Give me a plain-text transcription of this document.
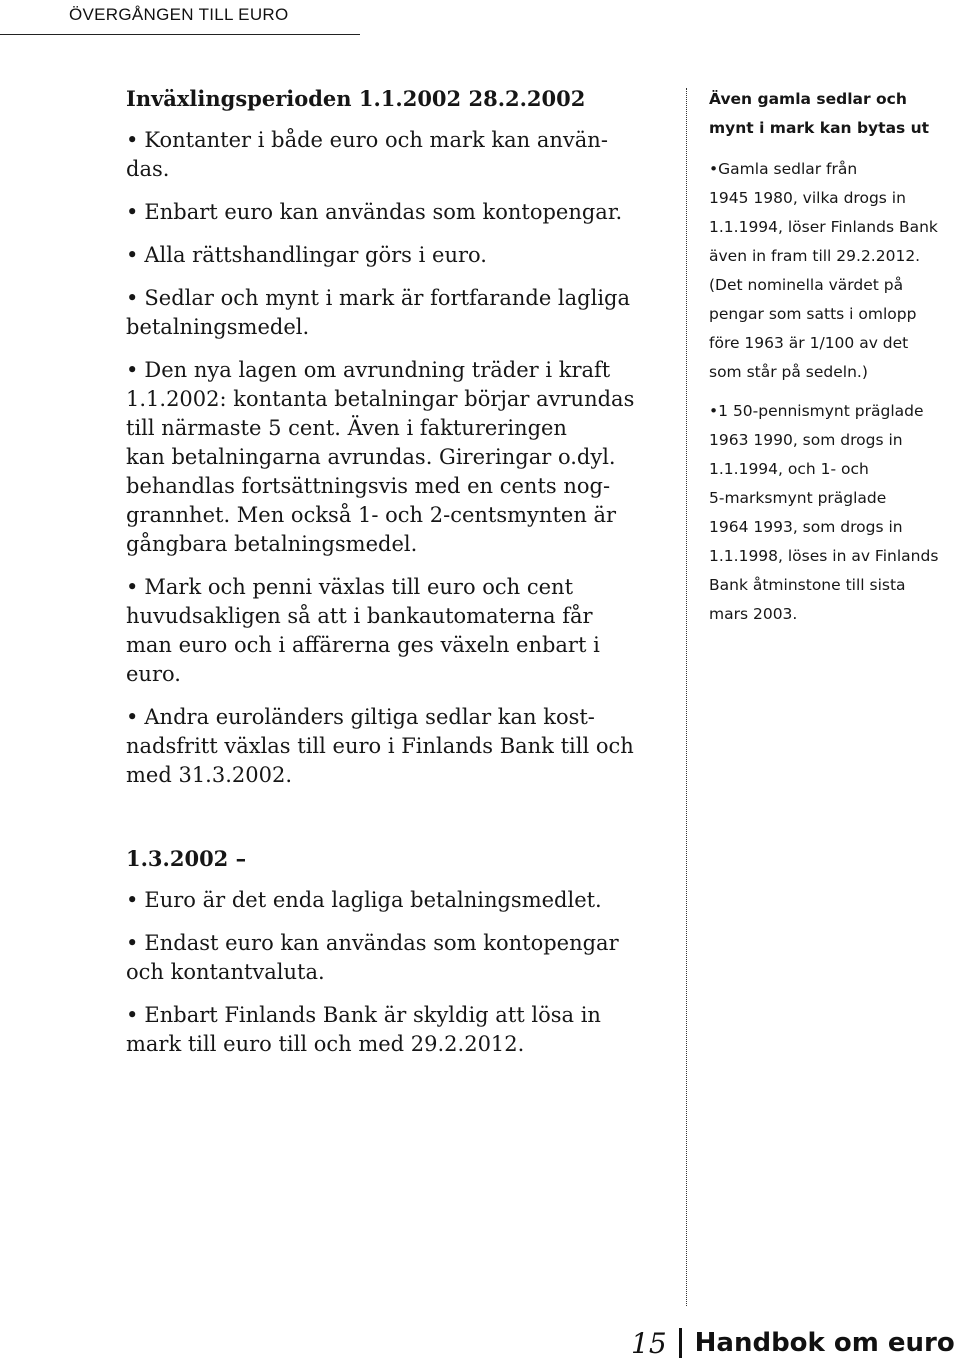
ÖVERGÅNGEN TILL EURO
Inväxlingsperioden 1.1.2002 28.2.2002
• Kontanter i både euro och mark kan använ-
das.
• Enbart euro kan användas som kontopengar.
• Alla rättshandlingar görs i euro.
• Sedlar och mynt i mark är fortfarande lagliga
betalningsmedel.
• Den nya lagen om avrundning träder i kraft
1.1.2002: kontanta betalningar börjar avrundas
till närmaste 5 cent. Även i faktureringen
kan betalningarna avrundas. Gireringar o.dyl.
behandlas fortsättningsvis med en cents nog-
grannhet. Men också 1- och 2-centsmynten är
gångbara betalningsmedel.
• Mark och penni växlas till euro och cent
huvudsakligen så att i bankautomaterna får
man euro och i affärerna ges växeln enbart i
euro.
• Andra euroländers giltiga sedlar kan kost-
nadsfritt växlas till euro i Finlands Bank till och
med 31.3.2002.
1.3.2002 –
• Euro är det enda lagliga betalningsmedlet.
• Endast euro kan användas som kontopengar
och kontantvaluta.
• Enbart Finlands Bank är skyldig att lösa in
mark till euro till och med 29.2.2012.
Även gamla sedlar och
mynt i mark kan bytas ut
•Gamla sedlar från
1945 1980, vilka drogs in
1.1.1994, löser Finlands Bank
även in fram till 29.2.2012.
(Det nominella värdet på
pengar som satts i omlopp
före 1963 är 1/100 av det
som står på sedeln.)
•1 50-pennismynt präglade
1963 1990, som drogs in
1.1.1994, och 1- och
5-marksmynt präglade
1964 1993, som drogs in
1.1.1998, löses in av Finlands
Bank åtminstone till sista
mars 2003.
15 Handbok om euro
